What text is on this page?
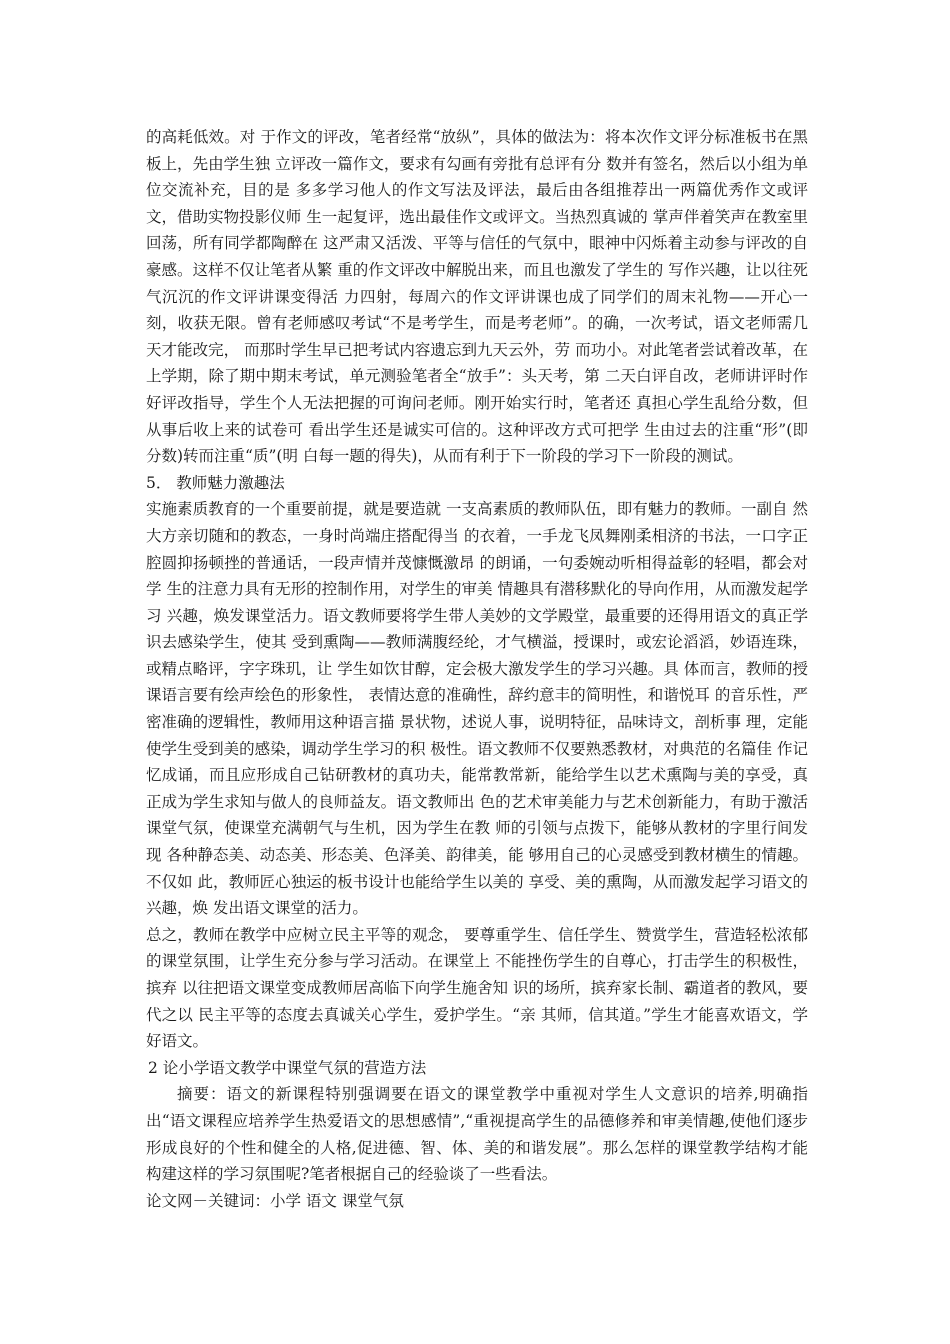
的高耗低效。对 于作文的评改，笔者经常“放纵”，具体的做法为：将本次作文评分标准板书在黑板上，先由学生独 立评改一篇作文，要求有勾画有旁批有总评有分 数并有签名，然后以小组为单位交流补充，目的是 多多学习他人的作文写法及评法，最后由各组推荐出一两篇优秀作文或评文，借助实物投影仪师 生一起复评，选出最佳作文或评文。当热烈真诚的 掌声伴着笑声在教室里回荡，所有同学都陶醉在 这严肃又活泼、平等与信任的气氛中，眼神中闪烁着主动参与评改的自豪感。这样不仅让笔者从繁 重的作文评改中解脱出来，而且也激发了学生的 写作兴趣，让以往死气沉沉的作文评讲课变得活 力四射，每周六的作文评讲课也成了同学们的周末礼物——开心一刻，收获无限。曾有老师感叹考试“不是考学生，而是考老师”。的确，一次考试，语文老师需几天才能改完， 而那时学生早已把考试内容遗忘到九天云外，劳 而功小。对此笔者尝试着改革，在上学期，除了期中期末考试，单元测验笔者全“放手”：头天考，第 二天白评自改，老师讲评时作好评改指导，学生个人无法把握的可询问老师。刚开始实行时，笔者还 真担心学生乱给分数，但从事后收上来的试卷可 看出学生还是诚实可信的。这种评改方式可把学 生由过去的注重“形”(即分数)转而注重“质”(明 白每一题的得失)，从而有利于下一阶段的学习下一阶段的测试。

5． 教师魅力激趣法

实施素质教育的一个重要前提，就是要造就 一支高素质的教师队伍，即有魅力的教师。一副自 然大方亲切随和的教态，一身时尚端庄搭配得当 的衣着，一手龙飞凤舞刚柔相济的书法，一口字正 腔圆抑扬顿挫的普通话，一段声情并茂慷慨激昂 的朗诵，一句委婉动听相得益彰的轻唱，都会对学 生的注意力具有无形的控制作用，对学生的审美 情趣具有潜移默化的导向作用，从而激发起学习 兴趣，焕发课堂活力。语文教师要将学生带人美妙的文学殿堂，最重要的还得用语文的真正学识去感染学生，使其 受到熏陶——教师满腹经纶，才气横溢，授课时，或宏论滔滔，妙语连珠，或精点略评，字字珠玑，让 学生如饮甘醇，定会极大激发学生的学习兴趣。具 体而言，教师的授课语言要有绘声绘色的形象性， 表情达意的准确性，辞约意丰的简明性，和谐悦耳 的音乐性，严密准确的逻辑性，教师用这种语言描 景状物，述说人事，说明特征，品味诗文，剖析事 理，定能使学生受到美的感染，调动学生学习的积 极性。语文教师不仅要熟悉教材，对典范的名篇佳 作记忆成诵，而且应形成自己钻研教材的真功夫，能常教常新，能给学生以艺术熏陶与美的享受，真 正成为学生求知与做人的良师益友。语文教师出 色的艺术审美能力与艺术创新能力，有助于激活 课堂气氛，使课堂充满朝气与生机，因为学生在教 师的引领与点拨下，能够从教材的字里行间发现 各种静态美、动态美、形态美、色泽美、韵律美，能 够用自己的心灵感受到教材横生的情趣。不仅如 此，教师匠心独运的板书设计也能给学生以美的 享受、美的熏陶，从而激发起学习语文的兴趣，焕 发出语文课堂的活力。

总之，教师在教学中应树立民主平等的观念， 要尊重学生、信任学生、赞赏学生，营造轻松浓郁 的课堂氛围，让学生充分参与学习活动。在课堂上 不能挫伤学生的自尊心，打击学生的积极性，摈弃 以往把语文课堂变成教师居高临下向学生施舍知 识的场所，摈弃家长制、霸道者的教风，要代之以 民主平等的态度去真诚关心学生，爱护学生。“亲 其师，信其道。”学生才能喜欢语文，学好语文。

2 论小学语文教学中课堂气氛的营造方法

摘要：语文的新课程特别强调要在语文的课堂教学中重视对学生人文意识的培养,明确指出“语文课程应培养学生热爱语文的思想感情”,“重视提高学生的品德修养和审美情趣,使他们逐步形成良好的个性和健全的人格,促进德、智、体、美的和谐发展”。那么怎样的课堂教学结构才能构建这样的学习氛围呢?笔者根据自己的经验谈了一些看法。

论文网－关键词：小学 语文 课堂气氛
